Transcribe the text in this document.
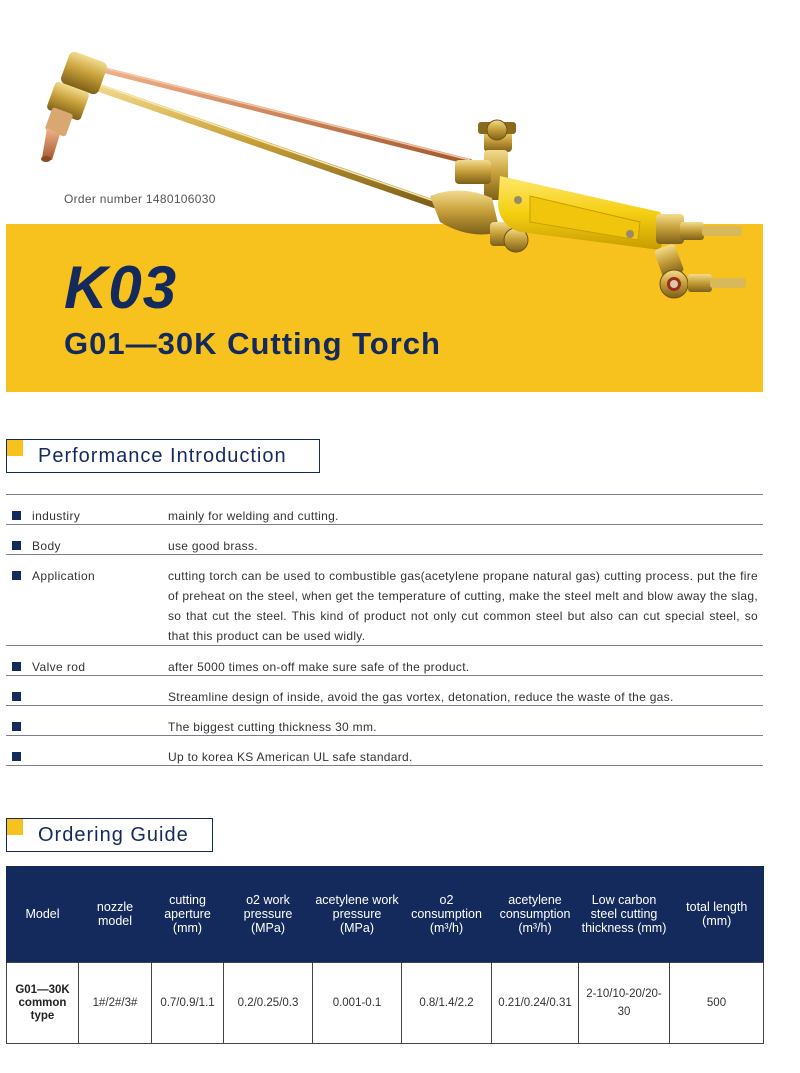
Order number 1480106030
K03
G01—30K Cutting Torch
Performance Introduction
industiry	mainly for welding and cutting.
Body	use good brass.
Application	cutting torch can be used to combustible gas(acetylene propane natural gas) cutting process. put the fire of preheat on the steel, when get the temperature of cutting, make the steel melt and blow away the slag, so that cut the steel. This kind of product not only cut common steel but also can cut special steel, so that this product can be used widly.
Valve rod	after 5000 times on-off make sure safe of the product.
Streamline design of inside, avoid the gas vortex, detonation, reduce the waste of the gas.
The biggest cutting thickness 30 mm.
Up to korea KS American UL safe standard.
Ordering Guide
Model	nozzle model	cutting aperture (mm)	o2 work pressure (MPa)	acetylene work pressure (MPa)	o2 consumption (m³/h)	acetylene consumption (m³/h)	Low carbon steel cutting thickness (mm)	total length (mm)
G01—30K common type	1#/2#/3#	0.7/0.9/1.1	0.2/0.25/0.3	0.001-0.1	0.8/1.4/2.2	0.21/0.24/0.31	2-10/10-20/20-30	500
